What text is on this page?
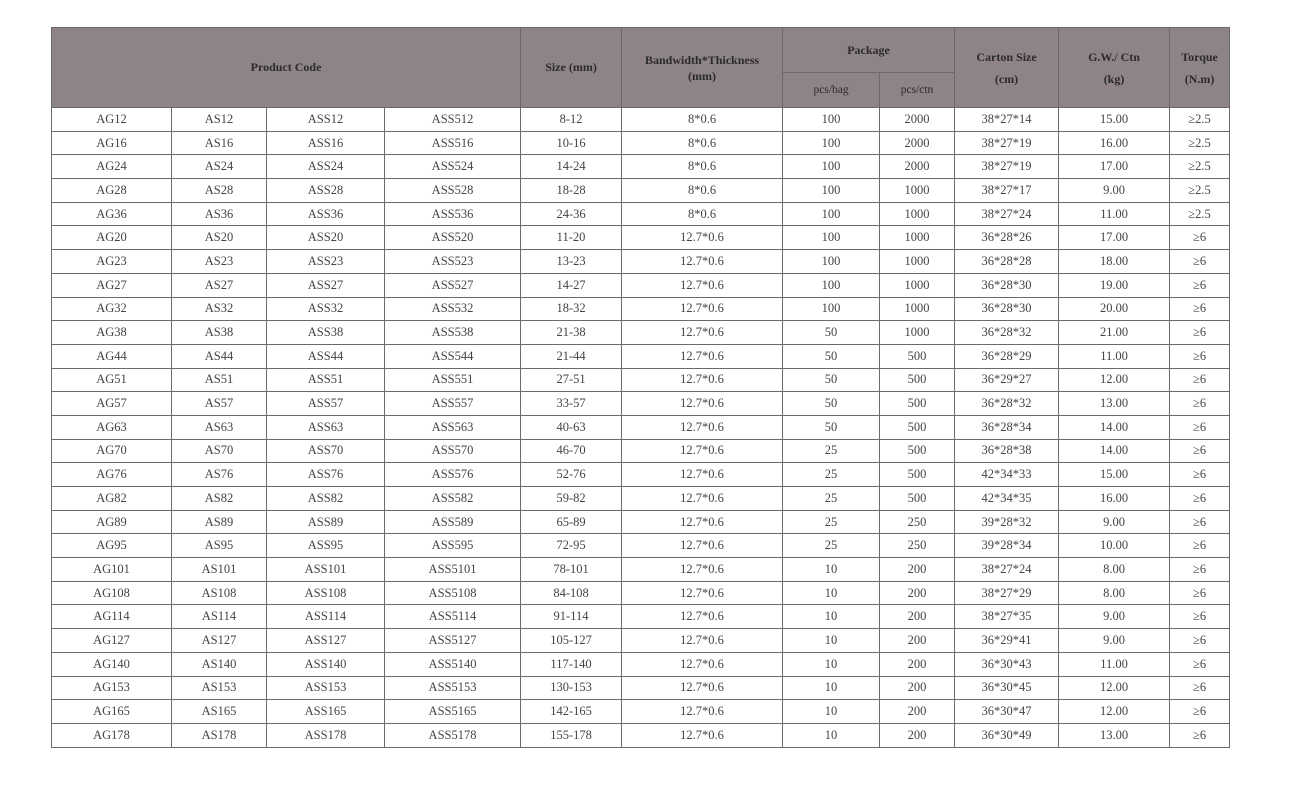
Product Code				Size (mm)	Bandwidth*Thickness (mm)	Package		Carton Size (cm)	G.W./ Ctn (kg)	Torque (N.m)
						pcs/bag	pcs/ctn			
AG12	AS12	ASS12	ASS512	8-12	8*0.6	100	2000	38*27*14	15.00	≥2.5
AG16	AS16	ASS16	ASS516	10-16	8*0.6	100	2000	38*27*19	16.00	≥2.5
AG24	AS24	ASS24	ASS524	14-24	8*0.6	100	2000	38*27*19	17.00	≥2.5
AG28	AS28	ASS28	ASS528	18-28	8*0.6	100	1000	38*27*17	9.00	≥2.5
AG36	AS36	ASS36	ASS536	24-36	8*0.6	100	1000	38*27*24	11.00	≥2.5
AG20	AS20	ASS20	ASS520	11-20	12.7*0.6	100	1000	36*28*26	17.00	≥6
AG23	AS23	ASS23	ASS523	13-23	12.7*0.6	100	1000	36*28*28	18.00	≥6
AG27	AS27	ASS27	ASS527	14-27	12.7*0.6	100	1000	36*28*30	19.00	≥6
AG32	AS32	ASS32	ASS532	18-32	12.7*0.6	100	1000	36*28*30	20.00	≥6
AG38	AS38	ASS38	ASS538	21-38	12.7*0.6	50	1000	36*28*32	21.00	≥6
AG44	AS44	ASS44	ASS544	21-44	12.7*0.6	50	500	36*28*29	11.00	≥6
AG51	AS51	ASS51	ASS551	27-51	12.7*0.6	50	500	36*29*27	12.00	≥6
AG57	AS57	ASS57	ASS557	33-57	12.7*0.6	50	500	36*28*32	13.00	≥6
AG63	AS63	ASS63	ASS563	40-63	12.7*0.6	50	500	36*28*34	14.00	≥6
AG70	AS70	ASS70	ASS570	46-70	12.7*0.6	25	500	36*28*38	14.00	≥6
AG76	AS76	ASS76	ASS576	52-76	12.7*0.6	25	500	42*34*33	15.00	≥6
AG82	AS82	ASS82	ASS582	59-82	12.7*0.6	25	500	42*34*35	16.00	≥6
AG89	AS89	ASS89	ASS589	65-89	12.7*0.6	25	250	39*28*32	9.00	≥6
AG95	AS95	ASS95	ASS595	72-95	12.7*0.6	25	250	39*28*34	10.00	≥6
AG101	AS101	ASS101	ASS5101	78-101	12.7*0.6	10	200	38*27*24	8.00	≥6
AG108	AS108	ASS108	ASS5108	84-108	12.7*0.6	10	200	38*27*29	8.00	≥6
AG114	AS114	ASS114	ASS5114	91-114	12.7*0.6	10	200	38*27*35	9.00	≥6
AG127	AS127	ASS127	ASS5127	105-127	12.7*0.6	10	200	36*29*41	9.00	≥6
AG140	AS140	ASS140	ASS5140	117-140	12.7*0.6	10	200	36*30*43	11.00	≥6
AG153	AS153	ASS153	ASS5153	130-153	12.7*0.6	10	200	36*30*45	12.00	≥6
AG165	AS165	ASS165	ASS5165	142-165	12.7*0.6	10	200	36*30*47	12.00	≥6
AG178	AS178	ASS178	ASS5178	155-178	12.7*0.6	10	200	36*30*49	13.00	≥6
